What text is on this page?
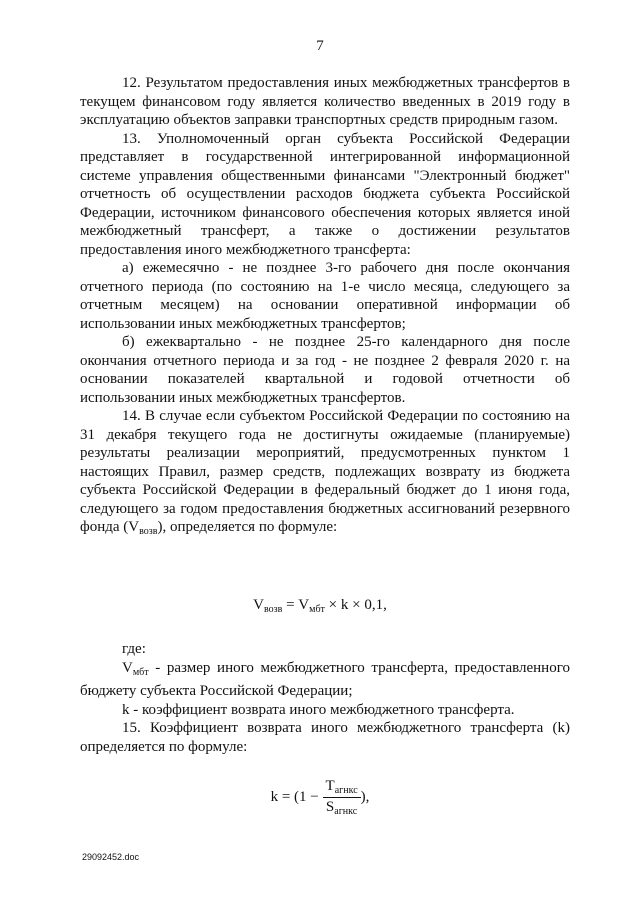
7

12. Результатом предоставления иных межбюджетных трансфертов в текущем финансовом году является количество введенных в 2019 году в эксплуатацию объектов заправки транспортных средств природным газом.

13. Уполномоченный орган субъекта Российской Федерации представляет в государственной интегрированной информационной системе управления общественными финансами "Электронный бюджет" отчетность об осуществлении расходов бюджета субъекта Российской Федерации, источником финансового обеспечения которых является иной межбюджетный трансферт, а также о достижении результатов предоставления иного межбюджетного трансферта:

а) ежемесячно - не позднее 3-го рабочего дня после окончания отчетного периода (по состоянию на 1-е число месяца, следующего за отчетным месяцем) на основании оперативной информации об использовании иных межбюджетных трансфертов;

б) ежеквартально - не позднее 25-го календарного дня после окончания отчетного периода и за год - не позднее 2 февраля 2020 г. на основании показателей квартальной и годовой отчетности об использовании иных межбюджетных трансфертов.

14. В случае если субъектом Российской Федерации по состоянию на 31 декабря текущего года не достигнуты ожидаемые (планируемые) результаты реализации мероприятий, предусмотренных пунктом 1 настоящих Правил, размер средств, подлежащих возврату из бюджета субъекта Российской Федерации в федеральный бюджет до 1 июня года, следующего за годом предоставления бюджетных ассигнований резервного фонда $(V_{возв})$, определяется по формуле:

$V_{возв} = V_{мбт} \times k \times 0,1$,

где:

$V_{мбт}$ - размер иного межбюджетного трансферта, предоставленного бюджету субъекта Российской Федерации;

k - коэффициент возврата иного межбюджетного трансферта.

15. Коэффициент возврата иного межбюджетного трансферта (k) определяется по формуле:

$k = (1 - \frac{T_{агнкс}}{S_{агнкс}}$ ),
29092452.doc
